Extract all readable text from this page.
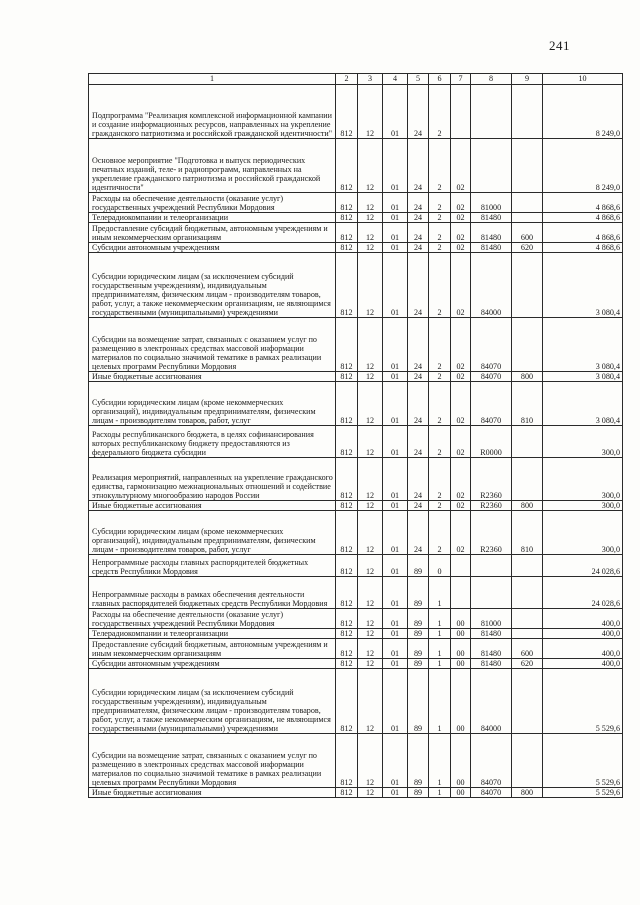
241
1	2	3	4	5	6	7	8	9	10
Подпрограмма "Реализация комплексной информационной кампании и создание информационных ресурсов, направленных на укрепление гражданского патриотизма и российской гражданской идентичности"	812	12	01	24	2				8 249,0
Основное мероприятие "Подготовка и выпуск периодических печатных изданий, теле- и радиопрограмм, направленных на укрепление гражданского патриотизма и российской гражданской идентичности"	812	12	01	24	2	02			8 249,0
Расходы на обеспечение деятельности (оказание услуг) государственных учреждений Республики Мордовия	812	12	01	24	2	02	81000		4 868,6
Телерадиокомпании и телеорганизации	812	12	01	24	2	02	81480		4 868,6
Предоставление субсидий бюджетным, автономным учреждениям и иным некоммерческим организациям	812	12	01	24	2	02	81480	600	4 868,6
Субсидии автономным учреждениям	812	12	01	24	2	02	81480	620	4 868,6
Субсидии юридическим лицам (за исключением субсидий государственным учреждениям), индивидуальным предпринимателям, физическим лицам - производителям товаров, работ, услуг, а также некоммерческим организациям, не являющимся государственными (муниципальными) учреждениями	812	12	01	24	2	02	84000		3 080,4
Субсидии на возмещение затрат, связанных с оказанием услуг по размещению в электронных средствах массовой информации материалов по социально значимой тематике в рамках реализации целевых программ Республики Мордовия	812	12	01	24	2	02	84070		3 080,4
Иные бюджетные ассигнования	812	12	01	24	2	02	84070	800	3 080,4
Субсидии юридическим лицам (кроме некоммерческих организаций), индивидуальным предпринимателям, физическим лицам - производителям товаров, работ, услуг	812	12	01	24	2	02	84070	810	3 080,4
Расходы республиканского бюджета, в целях софинансирования которых республиканскому бюджету предоставляются из федерального бюджета субсидии	812	12	01	24	2	02	R0000		300,0
Реализация мероприятий, направленных на укрепление гражданского единства, гармонизацию межнациональных отношений и содействие этнокультурному многообразию народов России	812	12	01	24	2	02	R2360		300,0
Иные бюджетные ассигнования	812	12	01	24	2	02	R2360	800	300,0
Субсидии юридическим лицам (кроме некоммерческих организаций), индивидуальным предпринимателям, физическим лицам - производителям товаров, работ, услуг	812	12	01	24	2	02	R2360	810	300,0
Непрограммные расходы главных распорядителей бюджетных средств Республики Мордовия	812	12	01	89	0				24 028,6
Непрограммные расходы в рамках обеспечения деятельности главных распорядителей бюджетных средств Республики Мордовия	812	12	01	89	1				24 028,6
Расходы на обеспечение деятельности (оказание услуг) государственных учреждений Республики Мордовия	812	12	01	89	1	00	81000		400,0
Телерадиокомпании и телеорганизации	812	12	01	89	1	00	81480		400,0
Предоставление субсидий бюджетным, автономным учреждениям и иным некоммерческим организациям	812	12	01	89	1	00	81480	600	400,0
Субсидии автономным учреждениям	812	12	01	89	1	00	81480	620	400,0
Субсидии юридическим лицам (за исключением субсидий государственным учреждениям), индивидуальным предпринимателям, физическим лицам - производителям товаров, работ, услуг, а также некоммерческим организациям, не являющимся государственными (муниципальными) учреждениями	812	12	01	89	1	00	84000		5 529,6
Субсидии на возмещение затрат, связанных с оказанием услуг по размещению в электронных средствах массовой информации материалов по социально значимой тематике в рамках реализации целевых программ Республики Мордовия	812	12	01	89	1	00	84070		5 529,6
Иные бюджетные ассигнования	812	12	01	89	1	00	84070	800	5 529,6
